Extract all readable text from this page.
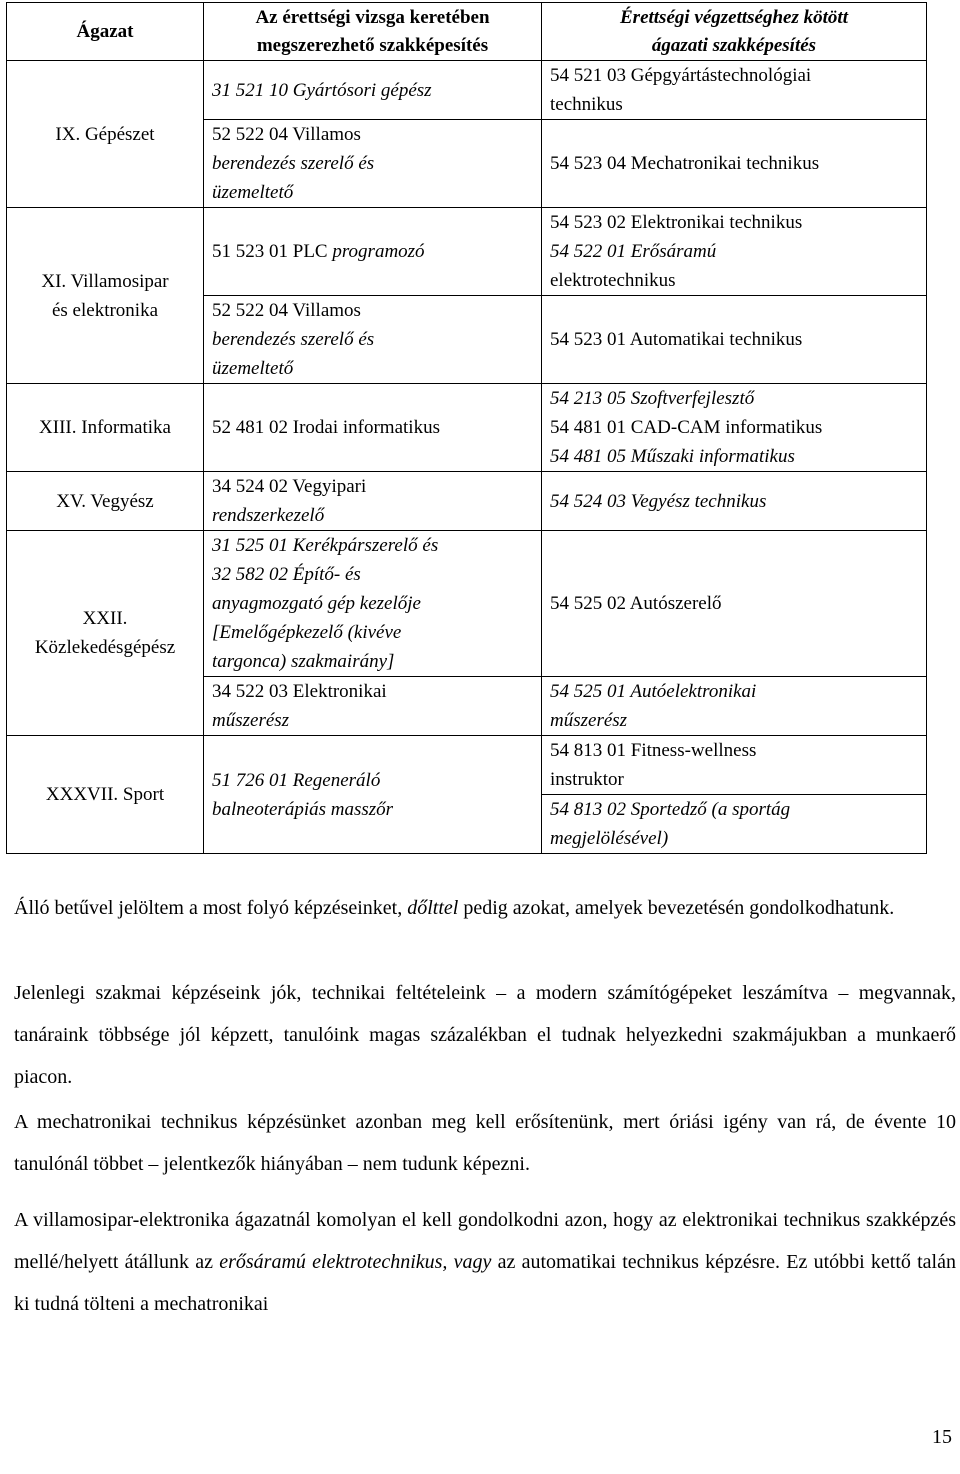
Ágazat	Az érettségi vizsga keretében
megszerezhető szakképesítés	Érettségi végzettséghez kötött
ágazati szakképesítés

IX. Gépészet	31 521 10 Gyártósori gépész	54 521 03 Gépgyártástechnológiai
technikus

	52 522 04 Villamos
berendezés szerelő és
üzemeltető	54 523 04 Mechatronikai technikus

XI. Villamosipar
és elektronika	51 523 01 PLC programozó	54 523 02 Elektronikai technikus
54 522 01 Erősáramú
elektrotechnikus

	52 522 04 Villamos
berendezés szerelő és
üzemeltető	54 523 01 Automatikai technikus
XIII. Informatika	52 481 02 Irodai informatikus	54 213 05 Szoftverfejlesztő
54 481 01 CAD-CAM informatikus
54 481 05 Műszaki informatikus

XV. Vegyész	34 524 02 Vegyipari
rendszerkezelő	54 524 03 Vegyész technikus

XXII.
Közlekedésgépész	31 525 01 Kerékpárszerelő és
32 582 02 Építő- és
anyagmozgató gép kezelője
[Emelőgépkezelő (kivéve
targonca) szakmairány]	54 525 02 Autószerelő

	34 522 03 Elektronikai
műszerész	54 525 01 Autóelektronikai
műszerész

XXXVII. Sport	51 726 01 Regeneráló
balneoterápiás masszőr	54 813 01 Fitness-wellness
instruktor

		54 813 02 Sportedző (a sportág
megjelölésével)

Álló betűvel jelöltem a most folyó képzéseinket, dőlttel pedig azokat, amelyek bevezetésén gondolkodhatunk.

Jelenlegi szakmai képzéseink jók, technikai feltételeink – a modern számítógépeket leszámítva – megvannak, tanáraink többsége jól képzett, tanulóink magas százalékban el tudnak helyezkedni szakmájukban a munkaerő piacon.

A mechatronikai technikus képzésünket azonban meg kell erősítenünk, mert óriási igény van rá, de évente 10 tanulónál többet – jelentkezők hiányában – nem tudunk képezni.

A villamosipar-elektronika ágazatnál komolyan el kell gondolkodni azon, hogy az elektronikai technikus szakképzés mellé/helyett átállunk az erősáramú elektrotechnikus, vagy az automatikai technikus képzésre. Ez utóbbi kettő talán ki tudná tölteni a mechatronikai

15
